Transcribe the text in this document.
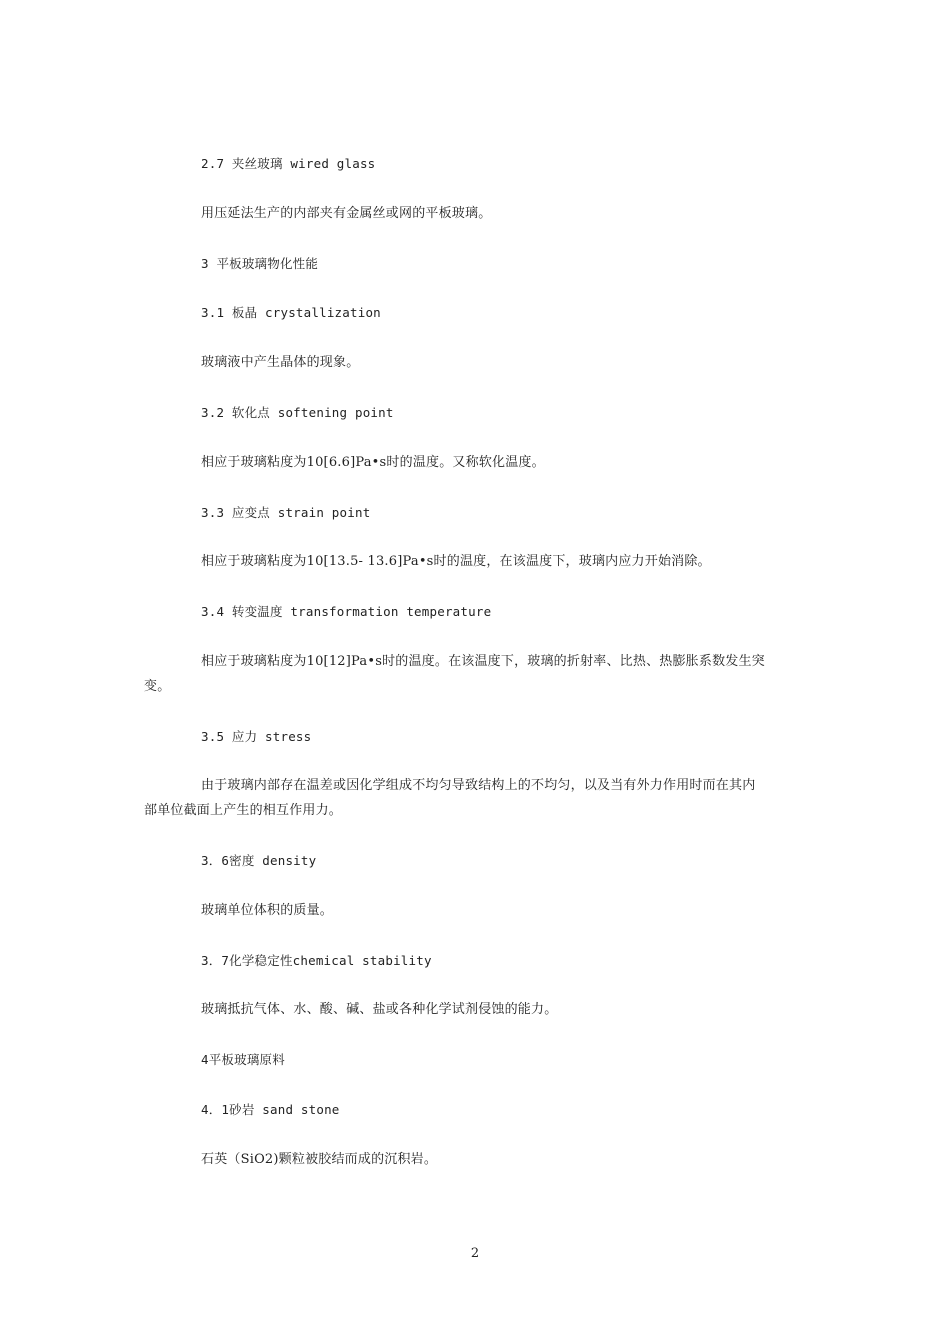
2.7 夹丝玻璃 wired glass
用压延法生产的内部夹有金属丝或网的平板玻璃。
3 平板玻璃物化性能
3.1 板晶 crystallization
玻璃液中产生晶体的现象。
3.2 软化点 softening point
相应于玻璃粘度为10[6.6]Pa•s时的温度。又称软化温度。
3.3 应变点 strain point
相应于玻璃粘度为10[13.5- 13.6]Pa•s时的温度，在该温度下，玻璃内应力开始消除。
3.4 转变温度 transformation temperature
相应于玻璃粘度为10[12]Pa•s时的温度。在该温度下，玻璃的折射率、比热、热膨胀系数发生突
变。
3.5 应力 stress
由于玻璃内部存在温差或因化学组成不均匀导致结构上的不均匀，以及当有外力作用时而在其内
部单位截面上产生的相互作用力。
3．6密度 density
玻璃单位体积的质量。
3．7化学稳定性chemical stability
玻璃抵抗气体、水、酸、碱、盐或各种化学试剂侵蚀的能力。
4平板玻璃原料
4．1砂岩 sand stone
石英（SiO2)颗粒被胶结而成的沉积岩。
2
